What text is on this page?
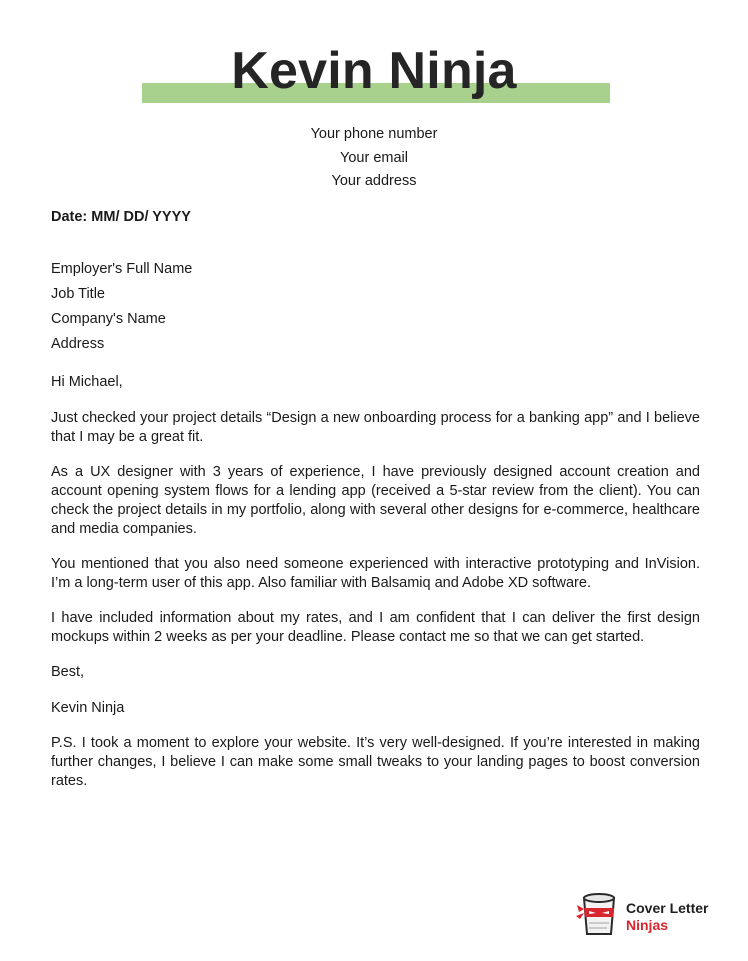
Kevin Ninja
Your phone number
Your email
Your address
Date: MM/ DD/ YYYY
Employer's Full Name
Job Title
Company's Name
Address

Hi Michael,

Just checked your project details “Design a new onboarding process for a banking app” and I believe that I may be a great fit.

As a UX designer with 3 years of experience, I have previously designed account creation and account opening system flows for a lending app (received a 5-star review from the client). You can check the project details in my portfolio, along with several other designs for e-commerce, healthcare and media companies.

You mentioned that you also need someone experienced with interactive prototyping and InVision. I’m a long-term user of this app. Also familiar with Balsamiq and Adobe XD software.

I have included information about my rates, and I am confident that I can deliver the first design mockups within 2 weeks as per your deadline. Please contact me so that we can get started.

Best,

Kevin Ninja

P.S. I took a moment to explore your website. It’s very well-designed. If you’re interested in making further changes, I believe I can make some small tweaks to your landing pages to boost conversion rates.

Cover Letter
Ninjas
